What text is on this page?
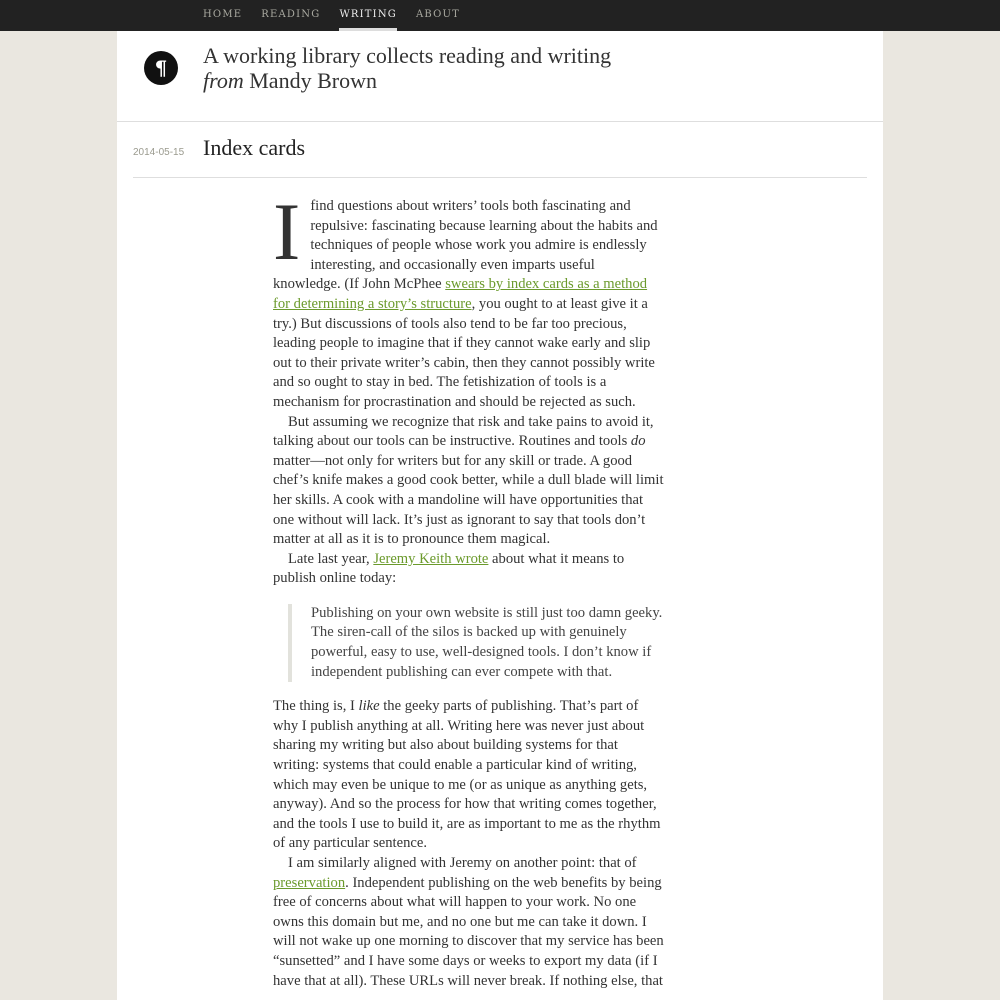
HOME READING WRITING ABOUT
¶	A working library collects reading and writing
from Mandy Brown
2014-05-15 Index cards

Ifind questions about writers’ tools both fascinating and repulsive: fascinating because learning about the habits and techniques of people whose work you admire is endlessly interesting, and occasionally even imparts useful knowledge. (If John McPhee swears by index cards as a method for determining a story’s structure, you ought to at least give it a try.) But discussions of tools also tend to be far too precious, leading people to imagine that if they cannot wake early and slip out to their private writer’s cabin, then they cannot possibly write and so ought to stay in bed. The fetishization of tools is a mechanism for procrastination and should be rejected as such.

But assuming we recognize that risk and take pains to avoid it, talking about our tools can be instructive. Routines and tools do matter—not only for writers but for any skill or trade. A good chef’s knife makes a good cook better, while a dull blade will limit her skills. A cook with a mandoline will have opportunities that one without will lack. It’s just as ignorant to say that tools don’t matter at all as it is to pronounce them magical.

Late last year, Jeremy Keith wrote about what it means to publish online today:

Publishing on your own website is still just too damn geeky. The siren-call of the silos is backed up with genuinely powerful, easy to use, well-designed tools. I don’t know if independent publishing can ever compete with that.

The thing is, I like the geeky parts of publishing. That’s part of why I publish anything at all. Writing here was never just about sharing my writing but also about building systems for that writing: systems that could enable a particular kind of writing, which may even be unique to me (or as unique as anything gets, anyway). And so the process for how that writing comes together, and the tools I use to build it, are as important to me as the rhythm of any particular sentence.

I am similarly aligned with Jeremy on another point: that of preservation. Independent publishing on the web benefits by being free of concerns about what will happen to your work. No one owns this domain but me, and no one but me can take it down. I will not wake up one morning to discover that my service has been “sunsetted” and I have some days or weeks to export my data (if I have that at all). These URLs will never break. If nothing else, that
